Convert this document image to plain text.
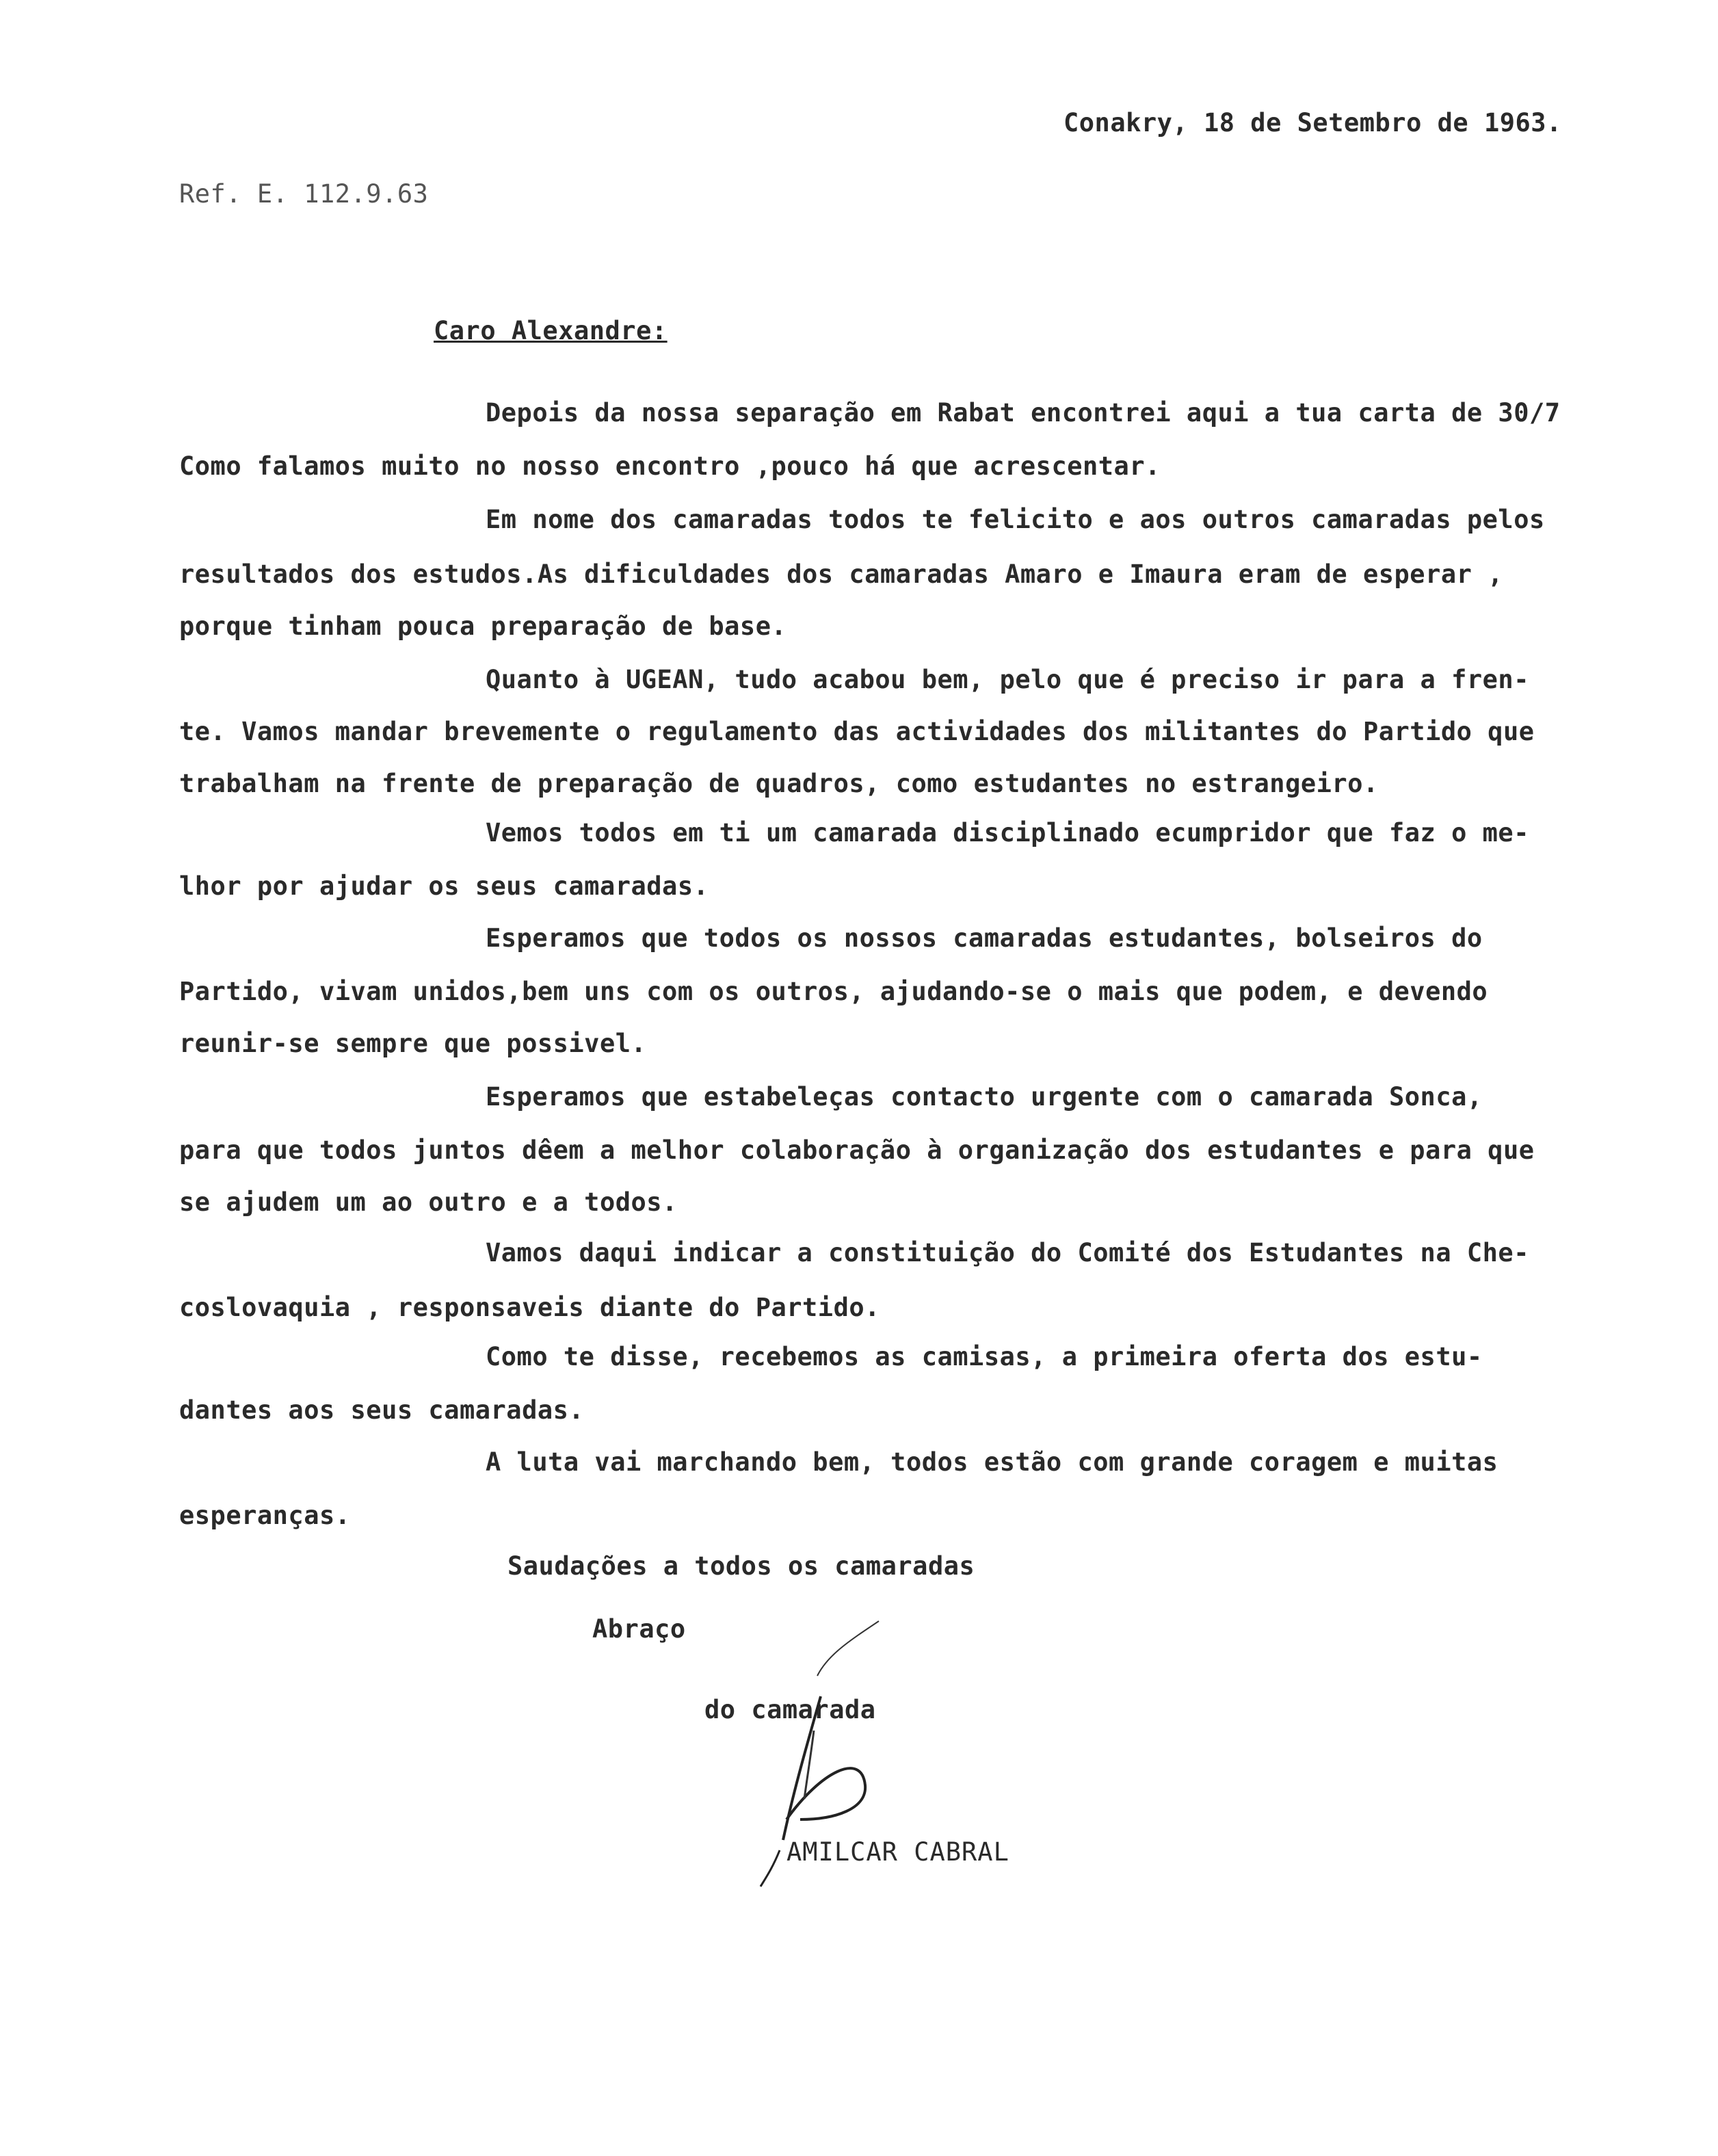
Conakry, 18 de Setembro de 1963.
Ref. E. 112.9.63
Caro Alexandre:
Depois da nossa separação em Rabat encontrei aqui a tua carta de 30/7
Como falamos muito no nosso encontro ,pouco há que acrescentar.
Em nome dos camaradas todos te felicito e aos outros camaradas pelos
resultados dos estudos.As dificuldades dos camaradas Amaro e Imaura eram de esperar ,
porque tinham pouca preparação de base.
Quanto à UGEAN, tudo acabou bem, pelo que é preciso ir para a fren-
te. Vamos mandar brevemente o regulamento das actividades dos militantes do Partido que
trabalham na frente de preparação de quadros, como estudantes no estrangeiro.
Vemos todos em ti um camarada disciplinado ecumpridor que faz o me-
lhor por ajudar os seus camaradas.
Esperamos que todos os nossos camaradas estudantes, bolseiros do
Partido, vivam unidos,bem uns com os outros, ajudando-se o mais que podem, e devendo
reunir-se sempre que possivel.
Esperamos que estabeleças contacto urgente com o camarada Sonca,
para que todos juntos dêem a melhor colaboração à organização dos estudantes e para que
se ajudem um ao outro e a todos.
Vamos daqui indicar a constituição do Comité dos Estudantes na Che-
coslovaquia , responsaveis diante do Partido.
Como te disse, recebemos as camisas, a primeira oferta dos estu-
dantes aos seus camaradas.
A luta vai marchando bem, todos estão com grande coragem e muitas
esperanças.
Saudações a todos os camaradas
Abraço
do camarada
AMILCAR CABRAL
